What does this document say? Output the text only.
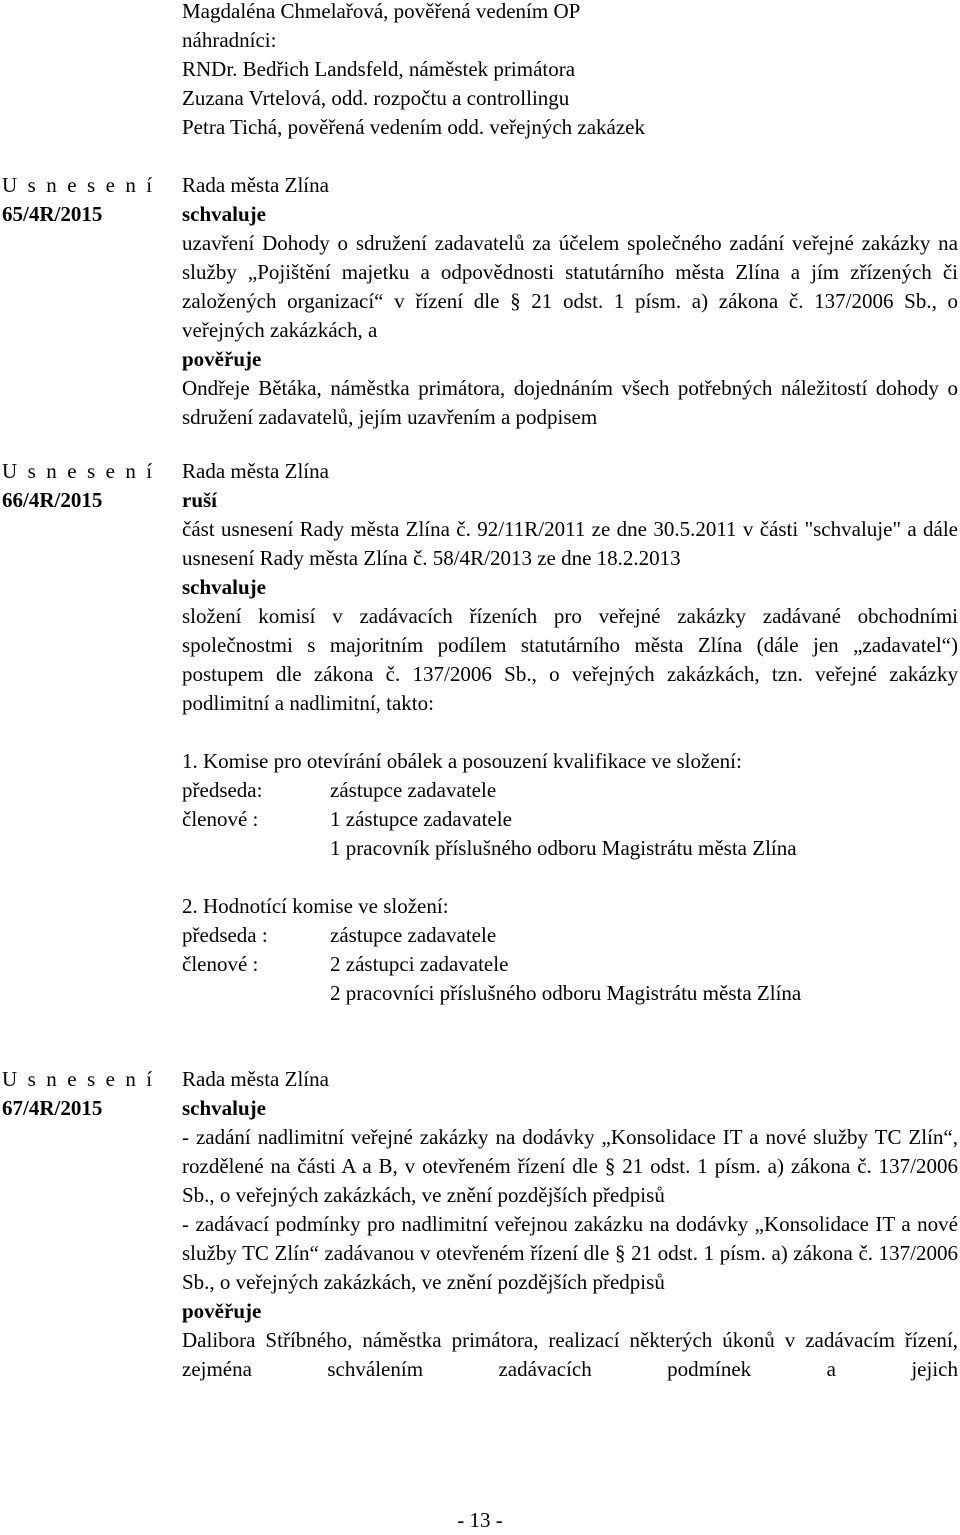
Magdaléna Chmelařová, pověřená vedením OP
náhradníci:
RNDr. Bedřich Landsfeld, náměstek primátora
Zuzana Vrtelová, odd. rozpočtu a controllingu
Petra Tichá, pověřená vedením odd. veřejných zakázek
U s n e s e n í
65/4R/2015
Rada města Zlína
schvaluje
uzavření Dohody o sdružení zadavatelů za účelem společného zadání veřejné zakázky na služby „Pojištění majetku a odpovědnosti statutárního města Zlína a jím zřízených či založených organizací“ v řízení dle § 21 odst. 1 písm. a) zákona č. 137/2006 Sb., o veřejných zakázkách, a
pověřuje
Ondřeje Bětáka, náměstka primátora, dojednáním všech potřebných náležitostí dohody o sdružení zadavatelů, jejím uzavřením a podpisem
U s n e s e n í
66/4R/2015
Rada města Zlína
ruší
část usnesení Rady města Zlína č. 92/11R/2011 ze dne 30.5.2011 v části "schvaluje" a dále usnesení Rady města Zlína č. 58/4R/2013 ze dne 18.2.2013
schvaluje
složení komisí v zadávacích řízeních pro veřejné zakázky zadávané obchodními společnostmi s majoritním podílem statutárního města Zlína (dále jen „zadavatel“) postupem dle zákona č. 137/2006 Sb., o veřejných zakázkách, tzn. veřejné zakázky podlimitní a nadlimitní, takto:
1. Komise pro otevírání obálek a posouzení kvalifikace ve složení:
předseda:	zástupce zadavatele
členové :	1 zástupce zadavatele
1 pracovník příslušného odboru Magistrátu města Zlína
2. Hodnotící komise ve složení:
předseda :	zástupce zadavatele
členové :	2 zástupci zadavatele
2 pracovníci příslušného odboru Magistrátu města Zlína
U s n e s e n í
67/4R/2015
Rada města Zlína
schvaluje
- zadání nadlimitní veřejné zakázky na dodávky „Konsolidace IT a nové služby TC Zlín“, rozdělené na části A a B, v otevřeném řízení dle § 21 odst. 1 písm. a) zákona č. 137/2006 Sb., o veřejných zakázkách, ve znění pozdějších předpisů
- zadávací podmínky pro nadlimitní veřejnou zakázku na dodávky „Konsolidace IT a nové služby TC Zlín“ zadávanou v otevřeném řízení dle § 21 odst. 1 písm. a) zákona č. 137/2006 Sb., o veřejných zakázkách, ve znění pozdějších předpisů
pověřuje
Dalibora Stříbného, náměstka primátora, realizací některých úkonů v zadávacím řízení, zejména schválením zadávacích podmínek a jejich
- 13 -
